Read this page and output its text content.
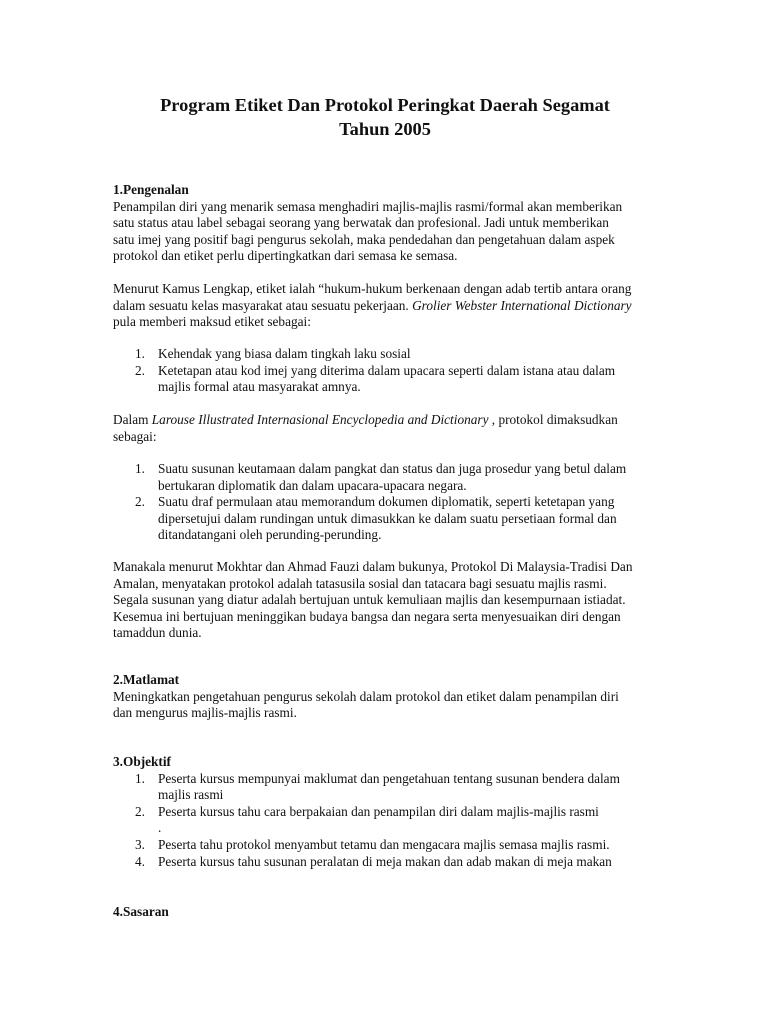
Program Etiket Dan Protokol Peringkat Daerah Segamat
Tahun 2005
1.Pengenalan
Penampilan diri yang menarik semasa menghadiri majlis-majlis rasmi/formal akan memberikan
satu status atau label sebagai seorang yang berwatak dan profesional. Jadi untuk memberikan
satu imej yang positif bagi pengurus sekolah, maka pendedahan dan pengetahuan dalam aspek
protokol dan etiket perlu dipertingkatkan dari semasa ke semasa.
Menurut Kamus Lengkap, etiket ialah “hukum-hukum berkenaan dengan adab tertib antara orang
dalam sesuatu kelas masyarakat atau sesuatu pekerjaan. Grolier Webster International Dictionary
pula memberi maksud etiket sebagai:
1. Kehendak yang biasa dalam tingkah laku sosial
2. Ketetapan atau kod imej yang diterima dalam upacara seperti dalam istana atau dalam
majlis formal atau masyarakat amnya.
Dalam Larouse Illustrated Internasional Encyclopedia and Dictionary , protokol dimaksudkan
sebagai:
1. Suatu susunan keutamaan dalam pangkat dan status dan juga prosedur yang betul dalam
bertukaran diplomatik dan dalam upacara-upacara negara.
2. Suatu draf permulaan atau memorandum dokumen diplomatik, seperti ketetapan yang
dipersetujui dalam rundingan untuk dimasukkan ke dalam suatu persetiaan formal dan
ditandatangani oleh perunding-perunding.
Manakala menurut Mokhtar dan Ahmad Fauzi dalam bukunya, Protokol Di Malaysia-Tradisi Dan
Amalan, menyatakan protokol adalah tatasusila sosial dan tatacara bagi sesuatu majlis rasmi.
Segala susunan yang diatur adalah bertujuan untuk kemuliaan majlis dan kesempurnaan istiadat.
Kesemua ini bertujuan meninggikan budaya bangsa dan negara serta menyesuaikan diri dengan
tamaddun dunia.
2.Matlamat
Meningkatkan pengetahuan pengurus sekolah dalam protokol dan etiket dalam penampilan diri
dan mengurus majlis-majlis rasmi.
3.Objektif
1. Peserta kursus mempunyai maklumat dan pengetahuan tentang susunan bendera dalam
majlis rasmi
2. Peserta kursus tahu cara berpakaian dan penampilan diri dalam majlis-majlis rasmi
.
3. Peserta tahu protokol menyambut tetamu dan mengacara majlis semasa majlis rasmi.
4. Peserta kursus tahu susunan peralatan di meja makan dan adab makan di meja makan
4.Sasaran
